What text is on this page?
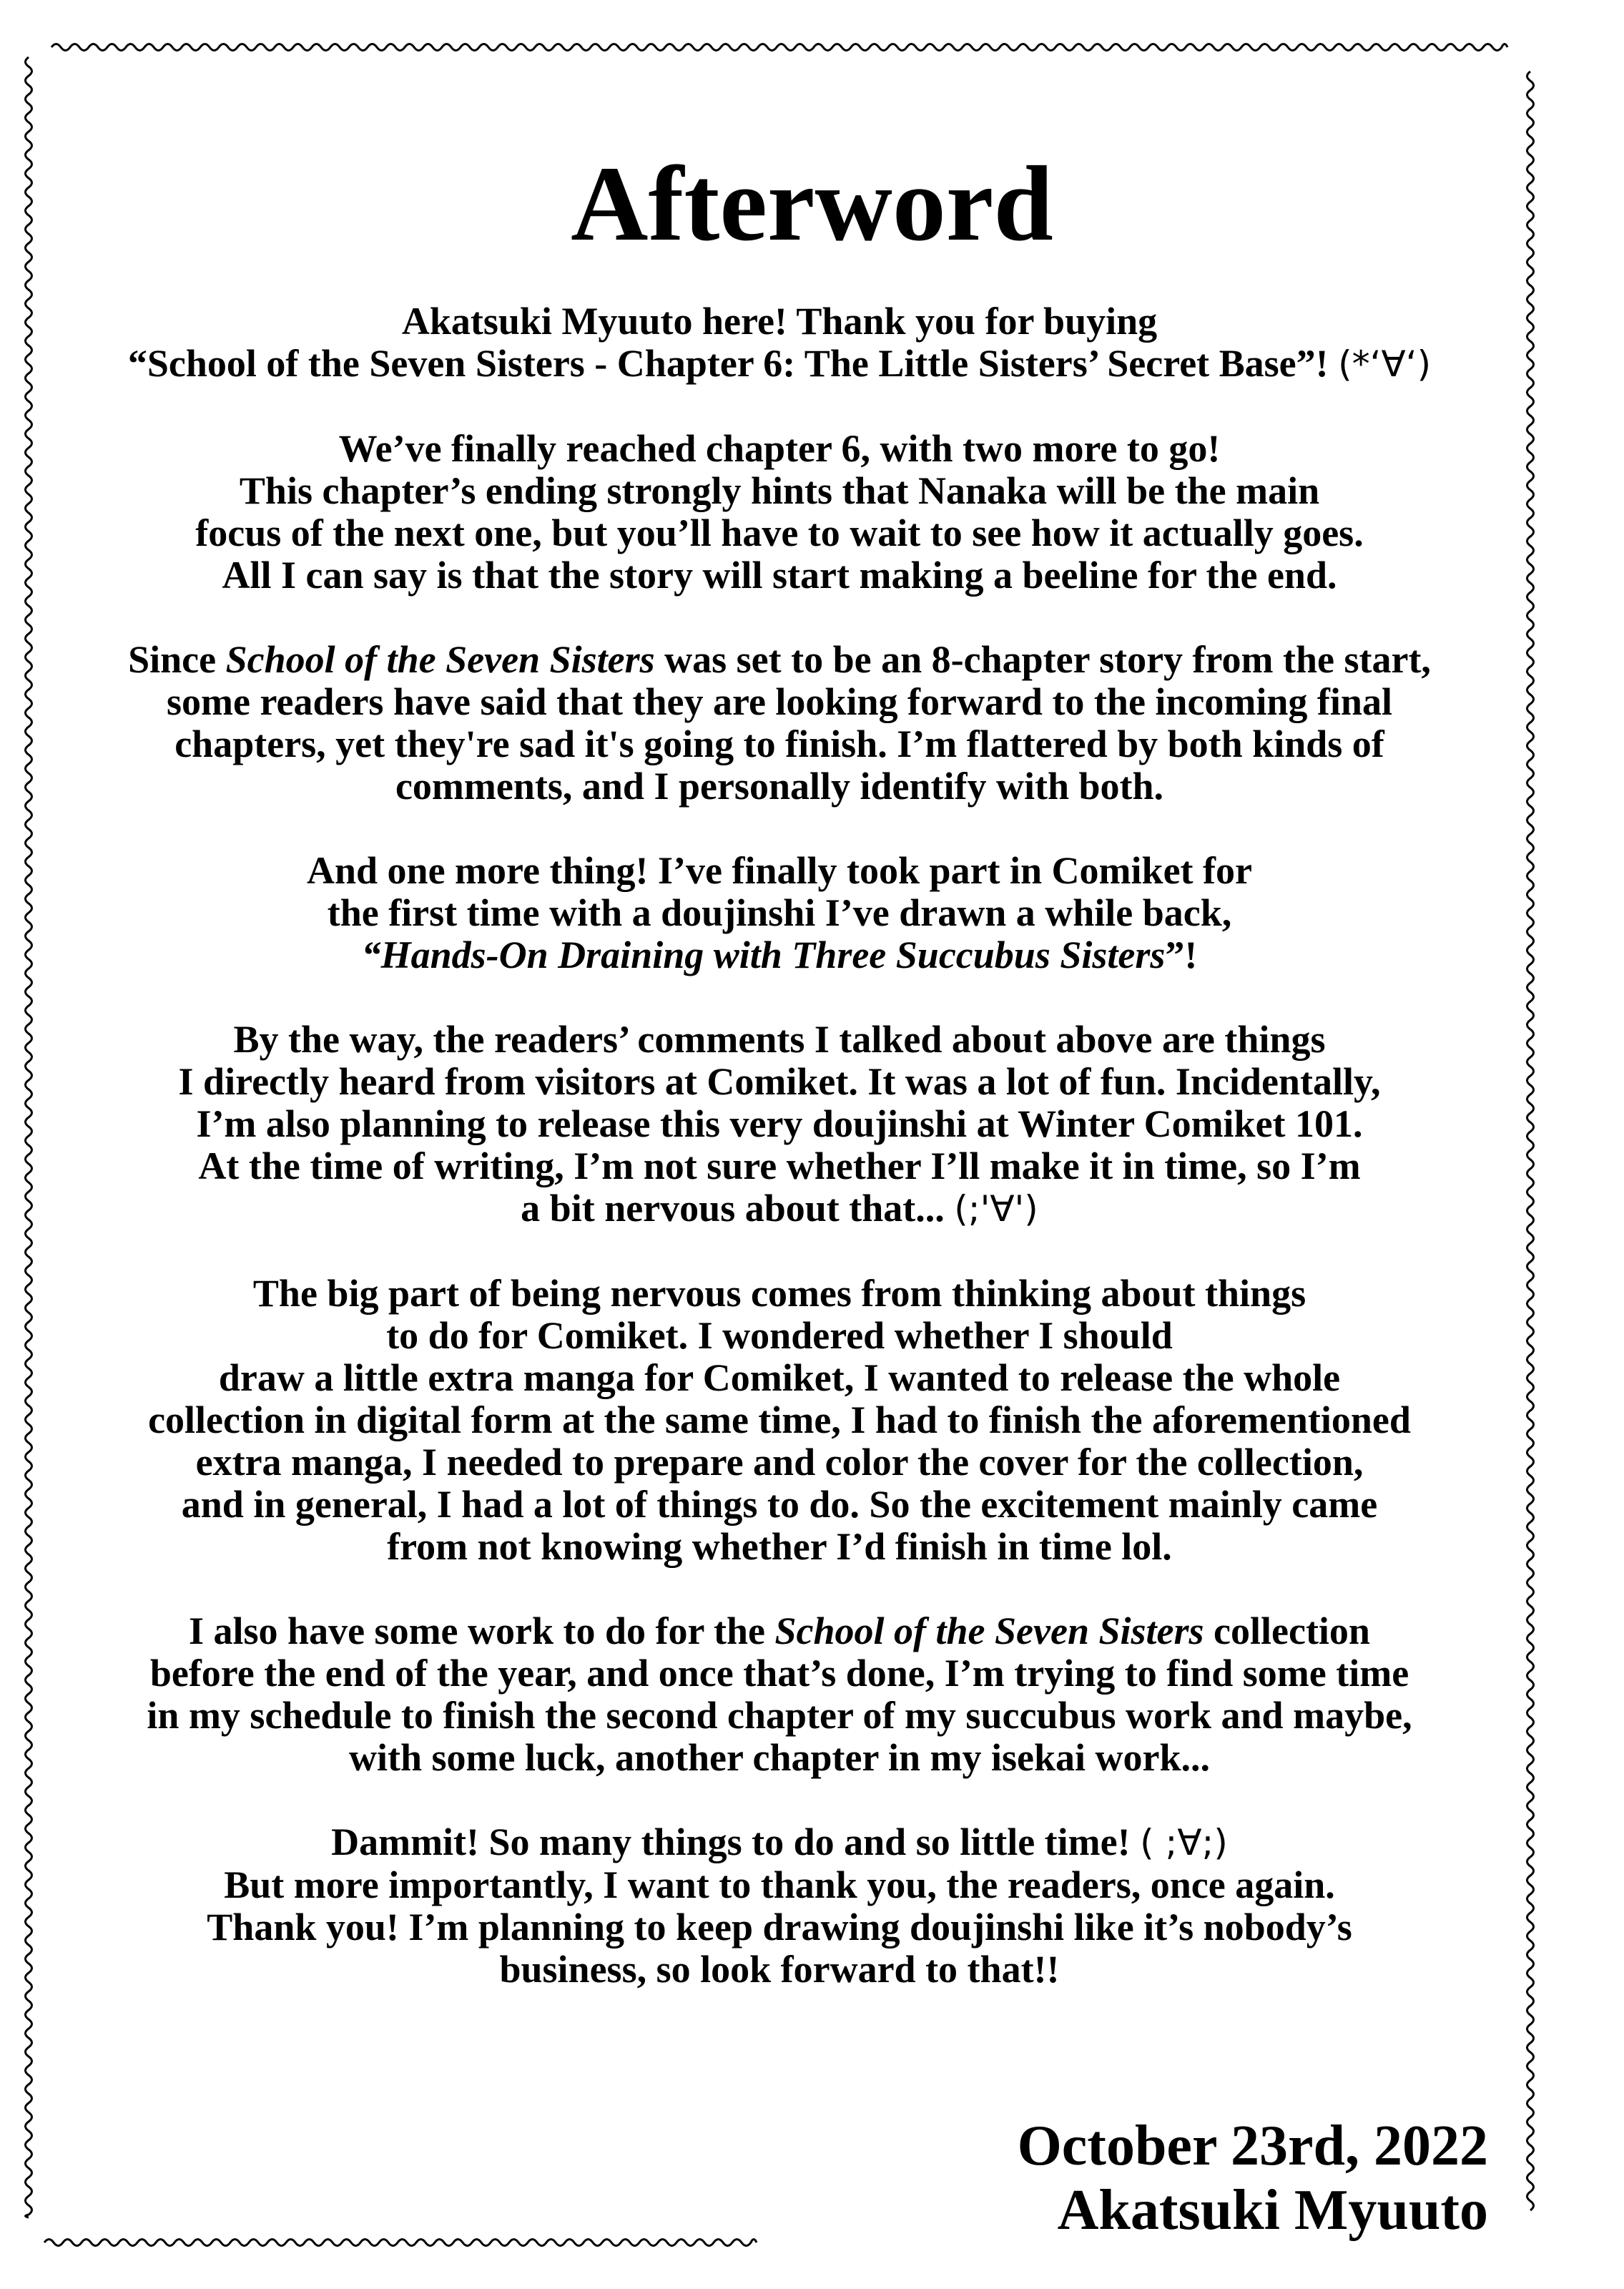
Afterword

Akatsuki Myuuto here! Thank you for buying
“School of the Seven Sisters - Chapter 6: The Little Sisters’ Secret Base”! (*‘∀‘)

We’ve finally reached chapter 6, with two more to go!
This chapter’s ending strongly hints that Nanaka will be the main
focus of the next one, but you’ll have to wait to see how it actually goes.
All I can say is that the story will start making a beeline for the end.

Since School of the Seven Sisters was set to be an 8-chapter story from the start,
some readers have said that they are looking forward to the incoming final
chapters, yet they're sad it's going to finish. I’m flattered by both kinds of
comments, and I personally identify with both.

And one more thing! I’ve finally took part in Comiket for
the first time with a doujinshi I’ve drawn a while back,
“Hands-On Draining with Three Succubus Sisters”!

By the way, the readers’ comments I talked about above are things
I directly heard from visitors at Comiket. It was a lot of fun. Incidentally,
I’m also planning to release this very doujinshi at Winter Comiket 101.
At the time of writing, I’m not sure whether I’ll make it in time, so I’m
a bit nervous about that... (;'∀')

The big part of being nervous comes from thinking about things
to do for Comiket. I wondered whether I should
draw a little extra manga for Comiket, I wanted to release the whole
collection in digital form at the same time, I had to finish the aforementioned
extra manga, I needed to prepare and color the cover for the collection,
and in general, I had a lot of things to do. So the excitement mainly came
from not knowing whether I’d finish in time lol.

I also have some work to do for the School of the Seven Sisters collection
before the end of the year, and once that’s done, I’m trying to find some time
in my schedule to finish the second chapter of my succubus work and maybe,
with some luck, another chapter in my isekai work...

Dammit! So many things to do and so little time! ( ;∀;)
But more importantly, I want to thank you, the readers, once again.
Thank you! I’m planning to keep drawing doujinshi like it’s nobody’s
business, so look forward to that!!

October 23rd, 2022
Akatsuki Myuuto
